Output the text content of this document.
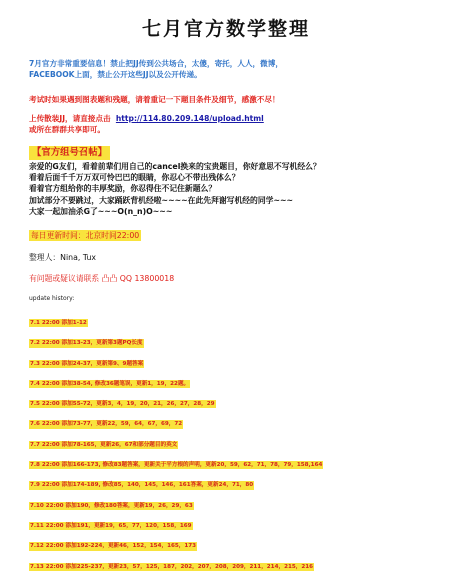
七月官方数学整理
7月官方非常重要信息！禁止把JJ传到公共场合，太傻，寄托，人人，微博，
FACEBOOK上面，禁止公开这些JJ以及公开传递。
考试时如果遇到图表题和残题，请着重记一下题目条件及细节，感激不尽！
上传散装JJ，请直接点击 http://114.80.209.148/upload.html
或所在群群共享即可。
【官方组号召帖】
亲爱的G友们，看着前辈们用自己的cancel换来的宝贵题目，你好意思不写机经么？
看着后面千千万万双可怜巴巴的眼睛，你忍心不带出残体么？
看着官方组给你的丰厚奖励，你忍得住不记住新题么？
加试部分不要跳过，大家踊跃背机经啦~~~~在此先拜谢写机经的同学~~~
大家一起加油杀G了~~~O(n_n)O~~~
每日更新时间：北京时间22:00
整理人：Nina, Tux
有问题或疑议请联系 凸凸 QQ 13800018
update history:
7.1 22:00 添加1-12
7.2 22:00 添加13-23，更新第3题PQ长度
7.3 22:00 添加24-37，更新第9、9题答案
7.4 22:00 添加38-54, 修改36题笔误，更新1，19，22题。
7.5 22:00 添加55-72，更新3，4，19，20，21，26，27，28，29
7.6 22:00 添加73-77，更新22，59，64，67，69，72
7.7 22:00 添加78-165，更新26，67和部分题目的英文
7.8 22:00 添加166-173, 修改83题答案，更新关于平方根的声明，更新20，59，62，71，78，79，158,164
7.9 22:00 添加174-189, 修改85，140，145，146，161答案，更新24，71，80
7.10 22:00 添加190，修改180答案，更新19，26，29，63
7.11 22:00 添加191，更新19，65，77，120，158，169
7.12 22:00 添加192-224，更新46，152，154，165，173
7.13 22:00 添加225-237，更新23，57，125，187，202，207，208，209，211，214，215，216
